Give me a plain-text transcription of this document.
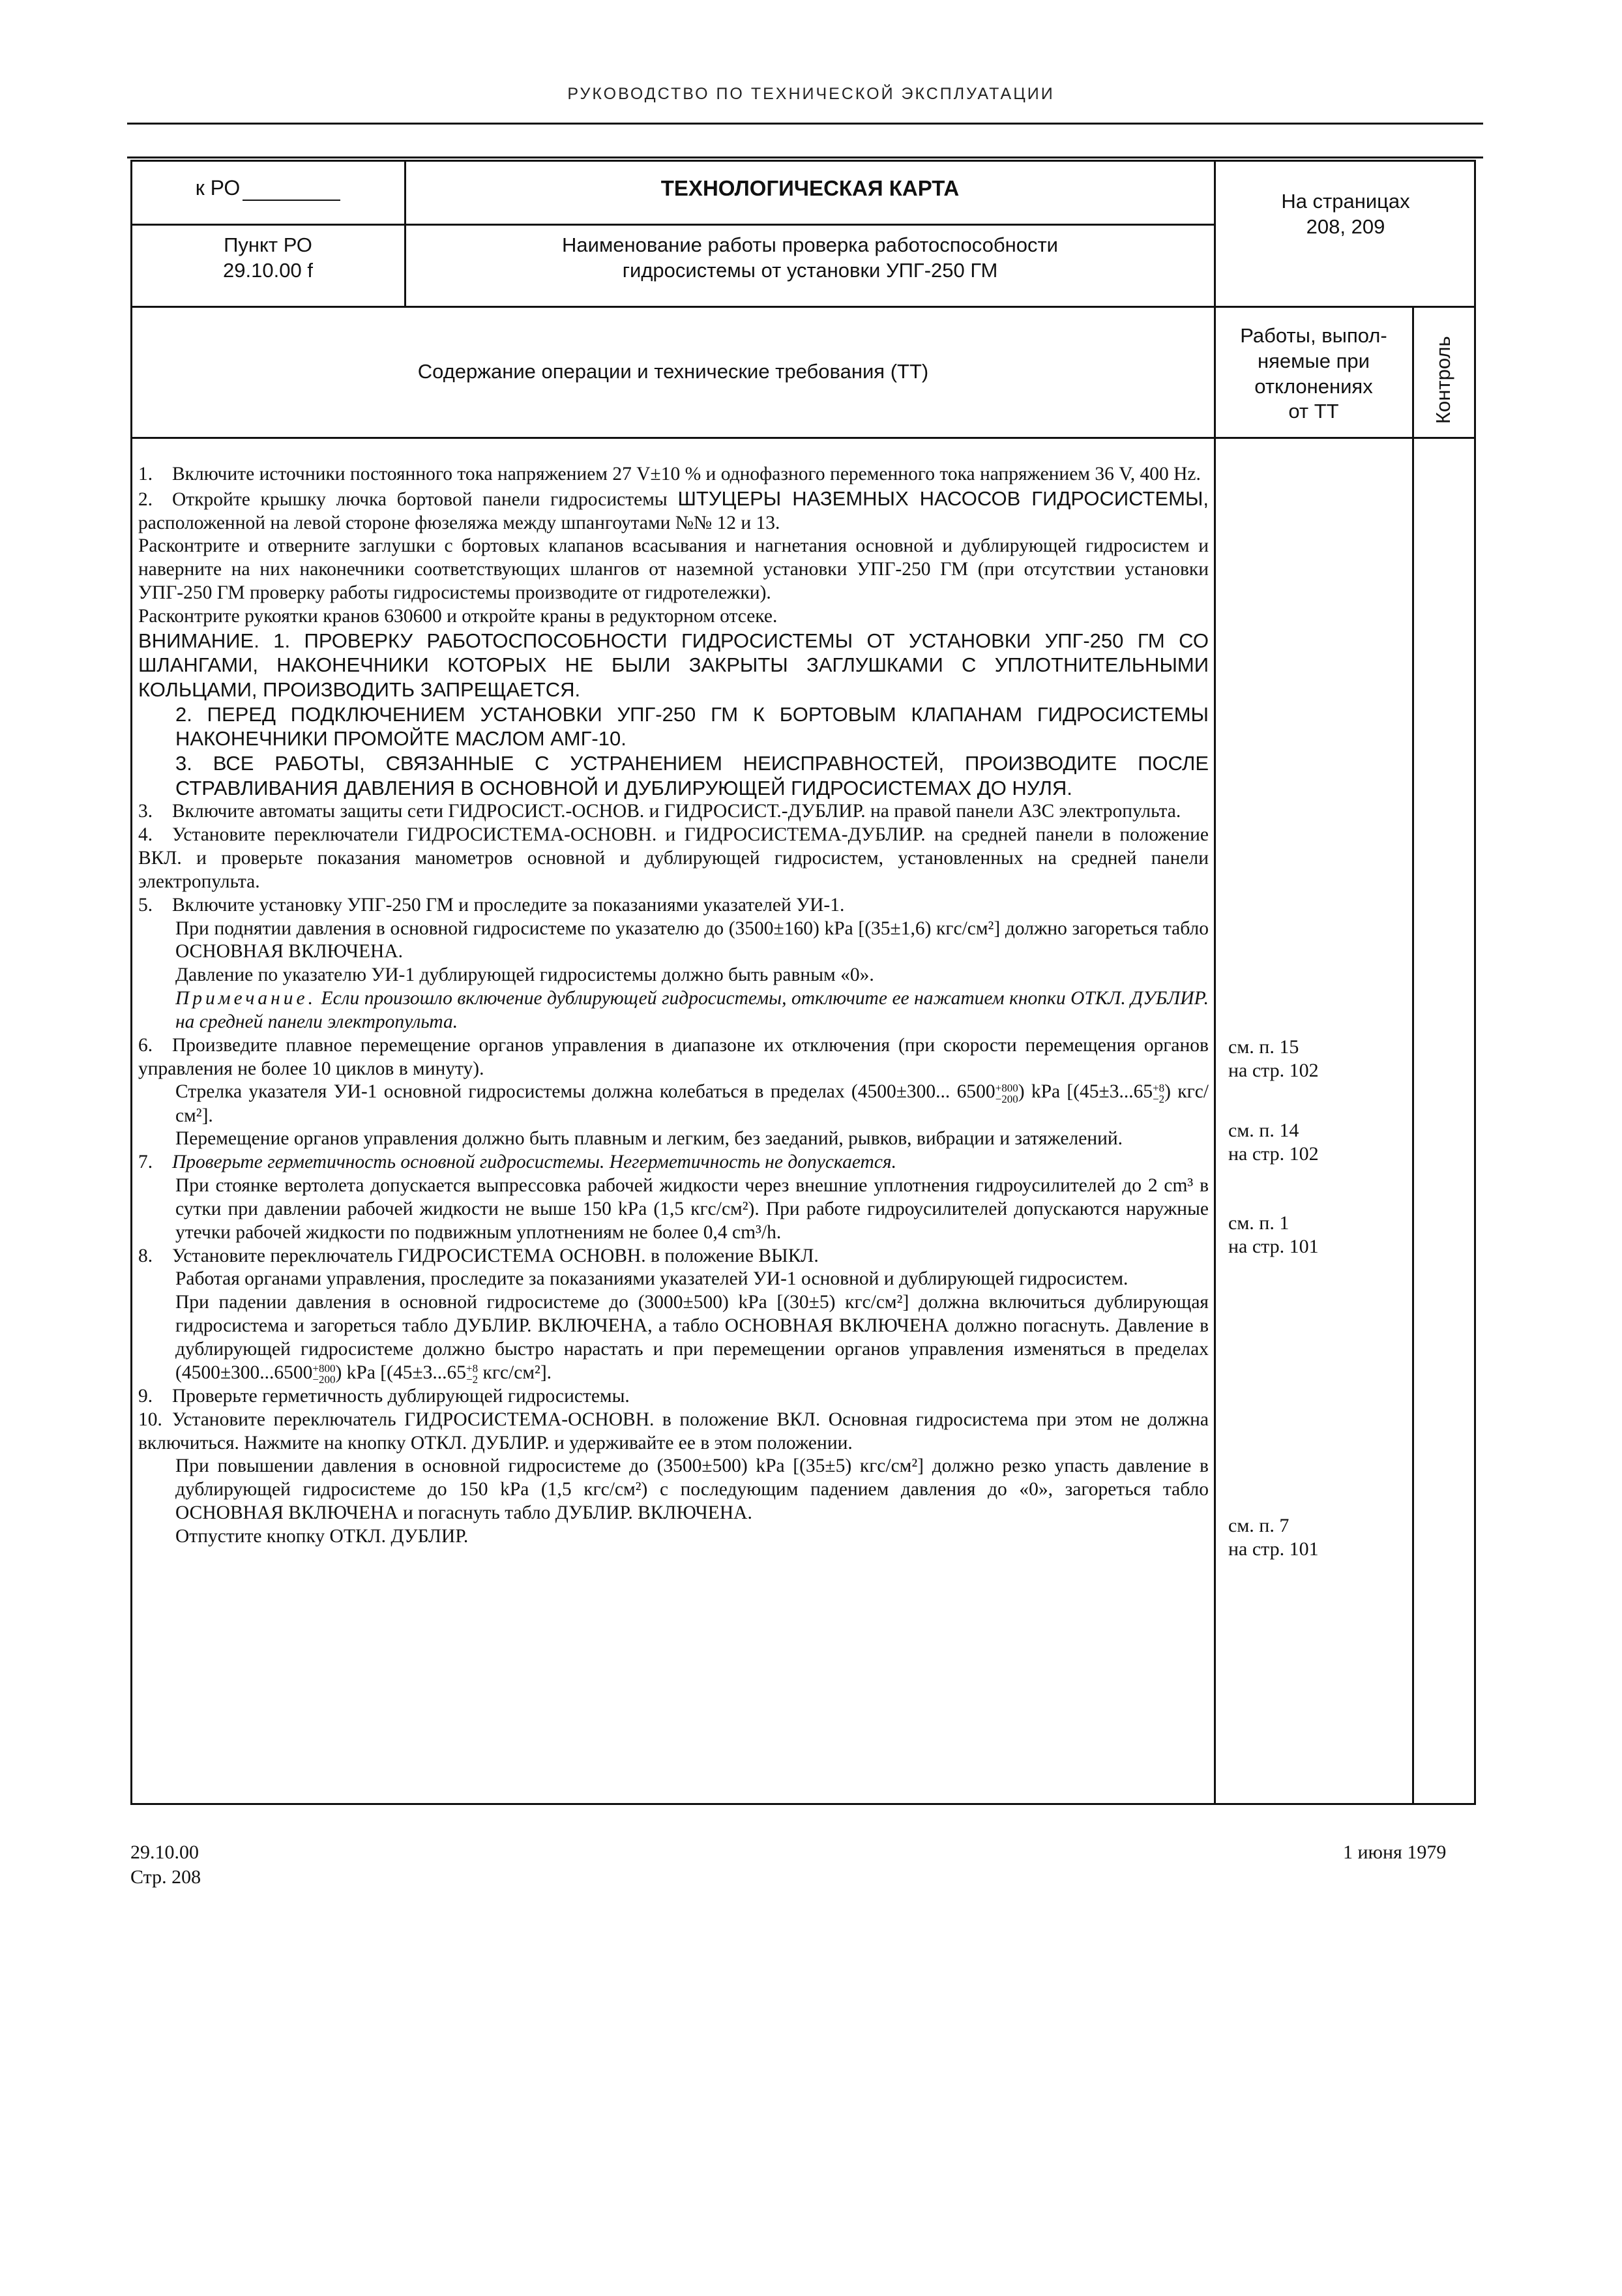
РУКОВОДСТВО ПО ТЕХНИЧЕСКОЙ ЭКСПЛУАТАЦИИ
к РО	ТЕХНОЛОГИЧЕСКАЯ КАРТА
На страницах
208, 209
Пункт РО
29.10.00 f
Наименование работы проверка работоспособности
гидросистемы от установки УПГ-250 ГМ
Содержание операции и технические требования (ТТ)
Работы, выпол-
няемые при
отклонениях
от ТТ	Контроль

1. Включите источники постоянного тока напряжением 27 V±10 % и однофазного переменного тока напряжением 36 V, 400 Hz.

2. Откройте крышку лючка бортовой панели гидросистемы ШТУЦЕРЫ НАЗЕМНЫХ НАСОСОВ ГИДРОСИСТЕМЫ, расположенной на левой стороне фюзеляжа между шпангоутами №№ 12 и 13.

Расконтрите и отверните заглушки с бортовых клапанов всасывания и нагнетания основной и дублирующей гидросистем и наверните на них наконечники соответствующих шлангов от наземной установки УПГ-250 ГМ (при отсутствии установки УПГ-250 ГМ проверку работы гидросистемы производите от гидротележки).

Расконтрите рукоятки кранов 630600 и откройте краны в редукторном отсеке.

ВНИМАНИЕ. 1. ПРОВЕРКУ РАБОТОСПОСОБНОСТИ ГИДРОСИСТЕМЫ ОТ УСТАНОВКИ УПГ-250 ГМ СО ШЛАНГАМИ, НАКОНЕЧНИКИ КОТОРЫХ НЕ БЫЛИ ЗАКРЫТЫ ЗАГЛУШКАМИ С УПЛОТНИТЕЛЬНЫМИ КОЛЬЦАМИ, ПРОИЗВОДИТЬ ЗАПРЕЩАЕТСЯ.

2. ПЕРЕД ПОДКЛЮЧЕНИЕМ УСТАНОВКИ УПГ-250 ГМ К БОРТОВЫМ КЛАПАНАМ ГИДРОСИСТЕМЫ НАКОНЕЧНИКИ ПРОМОЙТЕ МАСЛОМ АМГ-10.

3. ВСЕ РАБОТЫ, СВЯЗАННЫЕ С УСТРАНЕНИЕМ НЕИСПРАВНОСТЕЙ, ПРОИЗВОДИТЕ ПОСЛЕ СТРАВЛИВАНИЯ ДАВЛЕНИЯ В ОСНОВНОЙ И ДУБЛИРУЮЩЕЙ ГИДРОСИСТЕМАХ ДО НУЛЯ.

3. Включите автоматы защиты сети ГИДРОСИСТ.-ОСНОВ. и ГИДРОСИСТ.-ДУБЛИР. на правой панели АЗС электропульта.

4. Установите переключатели ГИДРОСИСТЕМА-ОСНОВН. и ГИДРОСИСТЕМА-ДУБЛИР. на средней панели в положение ВКЛ. и проверьте показания манометров основной и дублирующей гидросистем, установленных на средней панели электропульта.

5. Включите установку УПГ-250 ГМ и проследите за показаниями указателей УИ-1.

При поднятии давления в основной гидросистеме по указателю до (3500±160) kPa [(35±1,6) кгс/см²] должно загореться табло ОСНОВНАЯ ВКЛЮЧЕНА.

Давление по указателю УИ-1 дублирующей гидросистемы должно быть равным «0».

Примечание. Если произошло включение дублирующей гидросистемы, отключите ее нажатием кнопки ОТКЛ. ДУБЛИР. на средней панели электропульта.

6. Произведите плавное перемещение органов управления в диапазоне их отключения (при скорости перемещения органов управления не более 10 циклов в минуту).

Стрелка указателя УИ-1 основной гидросистемы должна колебаться в пределах (4500±300... 6500 +800
−200 ) kPa [(45±3...65 +8
−2 ) кгс/см²].

Перемещение органов управления должно быть плавным и легким, без заеданий, рывков, вибрации и затяжелений.

7. Проверьте герметичность основной гидросистемы. Негерметичность не допускается.

При стоянке вертолета допускается выпрессовка рабочей жидкости через внешние уплотнения гидроусилителей до 2 cm³ в сутки при давлении рабочей жидкости не выше 150 kPa (1,5 кгс/см²). При работе гидроусилителей допускаются наружные утечки рабочей жидкости по подвижным уплотнениям не более 0,4 cm³/h.

8. Установите переключатель ГИДРОСИСТЕМА ОСНОВН. в положение ВЫКЛ.

Работая органами управления, проследите за показаниями указателей УИ-1 основной и дублирующей гидросистем.

При падении давления в основной гидросистеме до (3000±500) kPa [(30±5) кгс/см²] должна включиться дублирующая гидросистема и загореться табло ДУБЛИР. ВКЛЮЧЕНА, а табло ОСНОВНАЯ ВКЛЮЧЕНА должно погаснуть. Давление в дублирующей гидросистеме должно быстро нарастать и при перемещении органов управления изменяться в пределах (4500±300...6500 +800
−200 ) kPa [(45±3...65 +8
−2 кгс/см²].

9. Проверьте герметичность дублирующей гидросистемы.

10. Установите переключатель ГИДРОСИСТЕМА-ОСНОВН. в положение ВКЛ. Основная гидросистема при этом не должна включиться. Нажмите на кнопку ОТКЛ. ДУБЛИР. и удерживайте ее в этом положении.

При повышении давления в основной гидросистеме до (3500±500) kPa [(35±5) кгс/см²] должно резко упасть давление в дублирующей гидросистеме до 150 kPa (1,5 кгс/см²) с последующим падением давления до «0», загореться табло ОСНОВНАЯ ВКЛЮЧЕНА и погаснуть табло ДУБЛИР. ВКЛЮЧЕНА.

Отпустите кнопку ОТКЛ. ДУБЛИР.

см. п. 15
на стр. 102
см. п. 14
на стр. 102
см. п. 1
на стр. 101
см. п. 7
на стр. 101
29.10.00
Стр. 208
1 июня 1979
